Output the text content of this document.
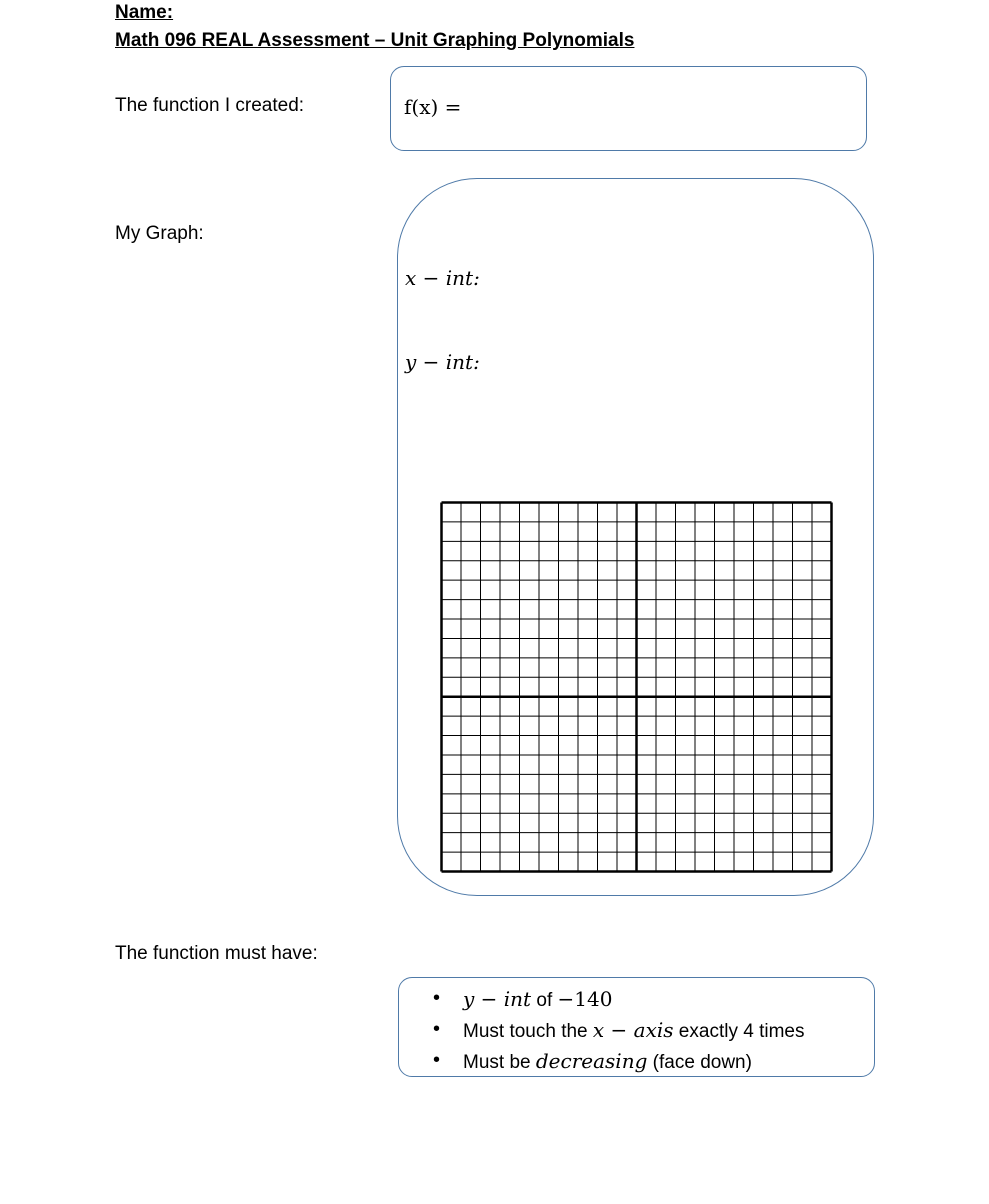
Name:
Math 096 REAL Assessment – Unit Graphing Polynomials
The function I created:	f(x) =
My Graph:
x − int:
y − int:
The function must have:
• y − int of −140
• Must touch the x − axis exactly 4 times
• Must be decreasing (face down)
